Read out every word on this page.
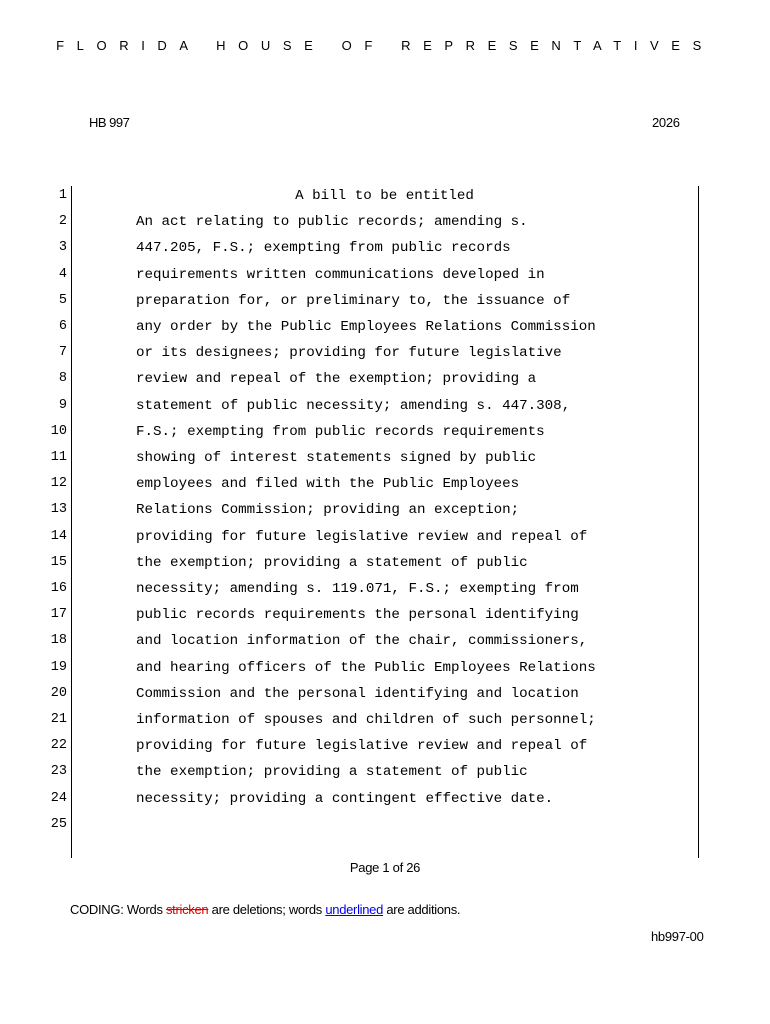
FLORIDA HOUSE OF REPRESENTATIVES
HB 997	2026
1	A bill to be entitled
2	An act relating to public records; amending s.
3	447.205, F.S.; exempting from public records
4	requirements written communications developed in
5	preparation for, or preliminary to, the issuance of
6	any order by the Public Employees Relations Commission
7	or its designees; providing for future legislative
8	review and repeal of the exemption; providing a
9	statement of public necessity; amending s. 447.308,
10	F.S.; exempting from public records requirements
11	showing of interest statements signed by public
12	employees and filed with the Public Employees
13	Relations Commission; providing an exception;
14	providing for future legislative review and repeal of
15	the exemption; providing a statement of public
16	necessity; amending s. 119.071, F.S.; exempting from
17	public records requirements the personal identifying
18	and location information of the chair, commissioners,
19	and hearing officers of the Public Employees Relations
20	Commission and the personal identifying and location
21	information of spouses and children of such personnel;
22	providing for future legislative review and repeal of
23	the exemption; providing a statement of public
24	necessity; providing a contingent effective date.
25
Page 1 of 26
CODING: Words stricken are deletions; words underlined are additions.
hb997-00
